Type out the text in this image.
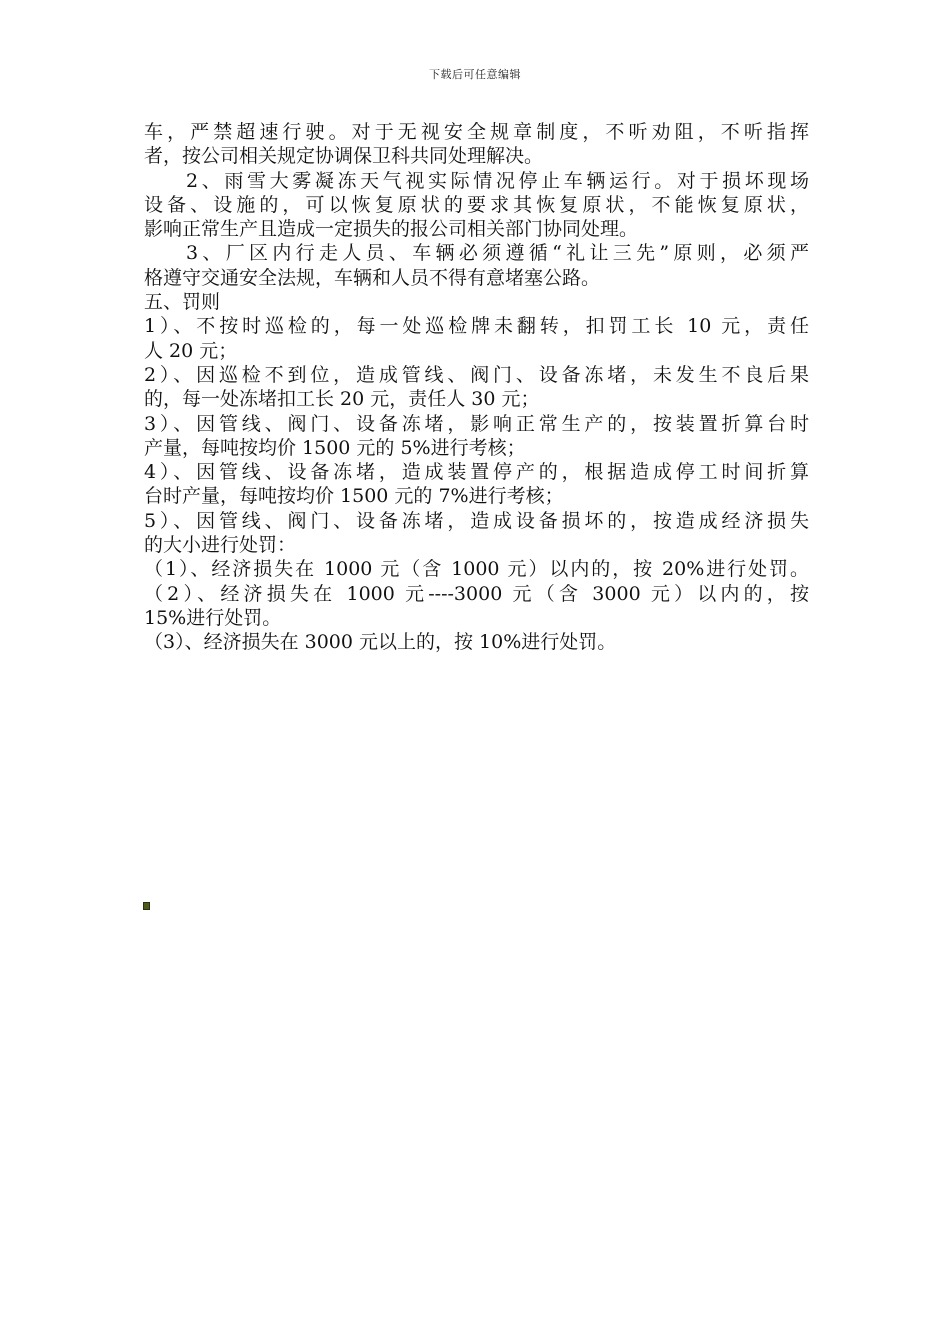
下载后可任意编辑
车，严禁超速行驶。对于无视安全规章制度，不听劝阻，不听指挥
者，按公司相关规定协调保卫科共同处理解决。
2、雨雪大雾凝冻天气视实际情况停止车辆运行。对于损坏现场
设备、设施的，可以恢复原状的要求其恢复原状，不能恢复原状，
影响正常生产且造成一定损失的报公司相关部门协同处理。
3、厂区内行走人员、车辆必须遵循“礼让三先”原则，必须严
格遵守交通安全法规，车辆和人员不得有意堵塞公路。
五、罚则
1）、不按时巡检的，每一处巡检牌未翻转，扣罚工长 10 元，责任
人 20 元；
2）、因巡检不到位，造成管线、阀门、设备冻堵，未发生不良后果
的，每一处冻堵扣工长 20 元，责任人 30 元；
3）、因管线、阀门、设备冻堵，影响正常生产的，按装置折算台时
产量，每吨按均价 1500 元的 5%进行考核；
4）、因管线、设备冻堵，造成装置停产的，根据造成停工时间折算
台时产量，每吨按均价 1500 元的 7%进行考核；
5）、因管线、阀门、设备冻堵，造成设备损坏的，按造成经济损失
的大小进行处罚：
（1）、经济损失在 1000 元（含 1000 元）以内的，按 20%进行处罚。
（2）、经济损失在 1000 元----3000 元（含 3000 元）以内的，按
15%进行处罚。
（3）、经济损失在 3000 元以上的，按 10%进行处罚。
